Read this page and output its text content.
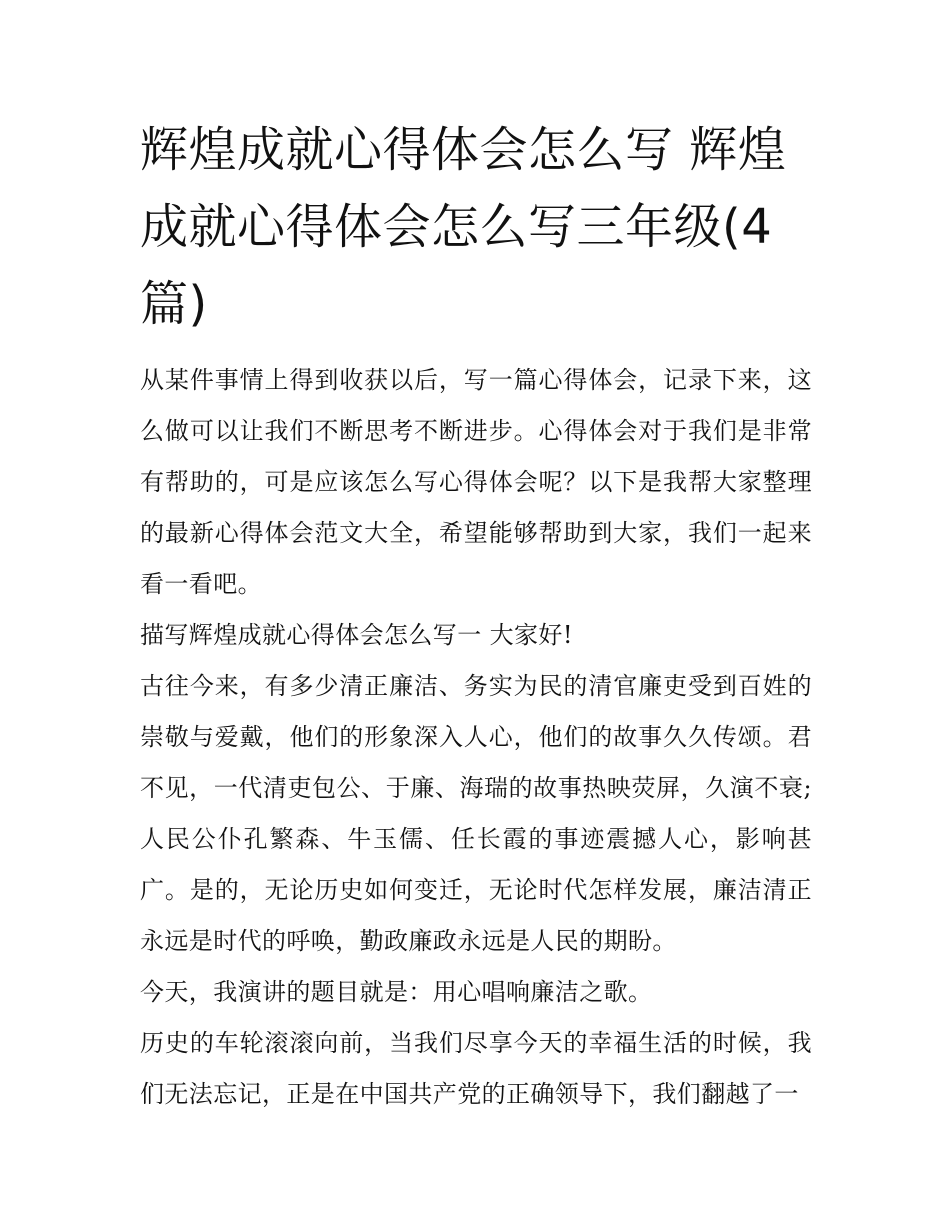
辉煌成就心得体会怎么写 辉煌成就心得体会怎么写三年级(4篇)

从某件事情上得到收获以后，写一篇心得体会，记录下来，这么做可以让我们不断思考不断进步。心得体会对于我们是非常有帮助的，可是应该怎么写心得体会呢？以下是我帮大家整理的最新心得体会范文大全，希望能够帮助到大家，我们一起来看一看吧。

描写辉煌成就心得体会怎么写一 大家好!

古往今来，有多少清正廉洁、务实为民的清官廉吏受到百姓的崇敬与爱戴，他们的形象深入人心，他们的故事久久传颂。君不见，一代清吏包公、于廉、海瑞的故事热映荧屏，久演不衰;人民公仆孔繁森、牛玉儒、任长霞的事迹震撼人心，影响甚广。是的，无论历史如何变迁，无论时代怎样发展，廉洁清正永远是时代的呼唤，勤政廉政永远是人民的期盼。

今天，我演讲的题目就是：用心唱响廉洁之歌。

历史的车轮滚滚向前，当我们尽享今天的幸福生活的时候，我们无法忘记，正是在中国共产党的正确领导下，我们翻越了一
